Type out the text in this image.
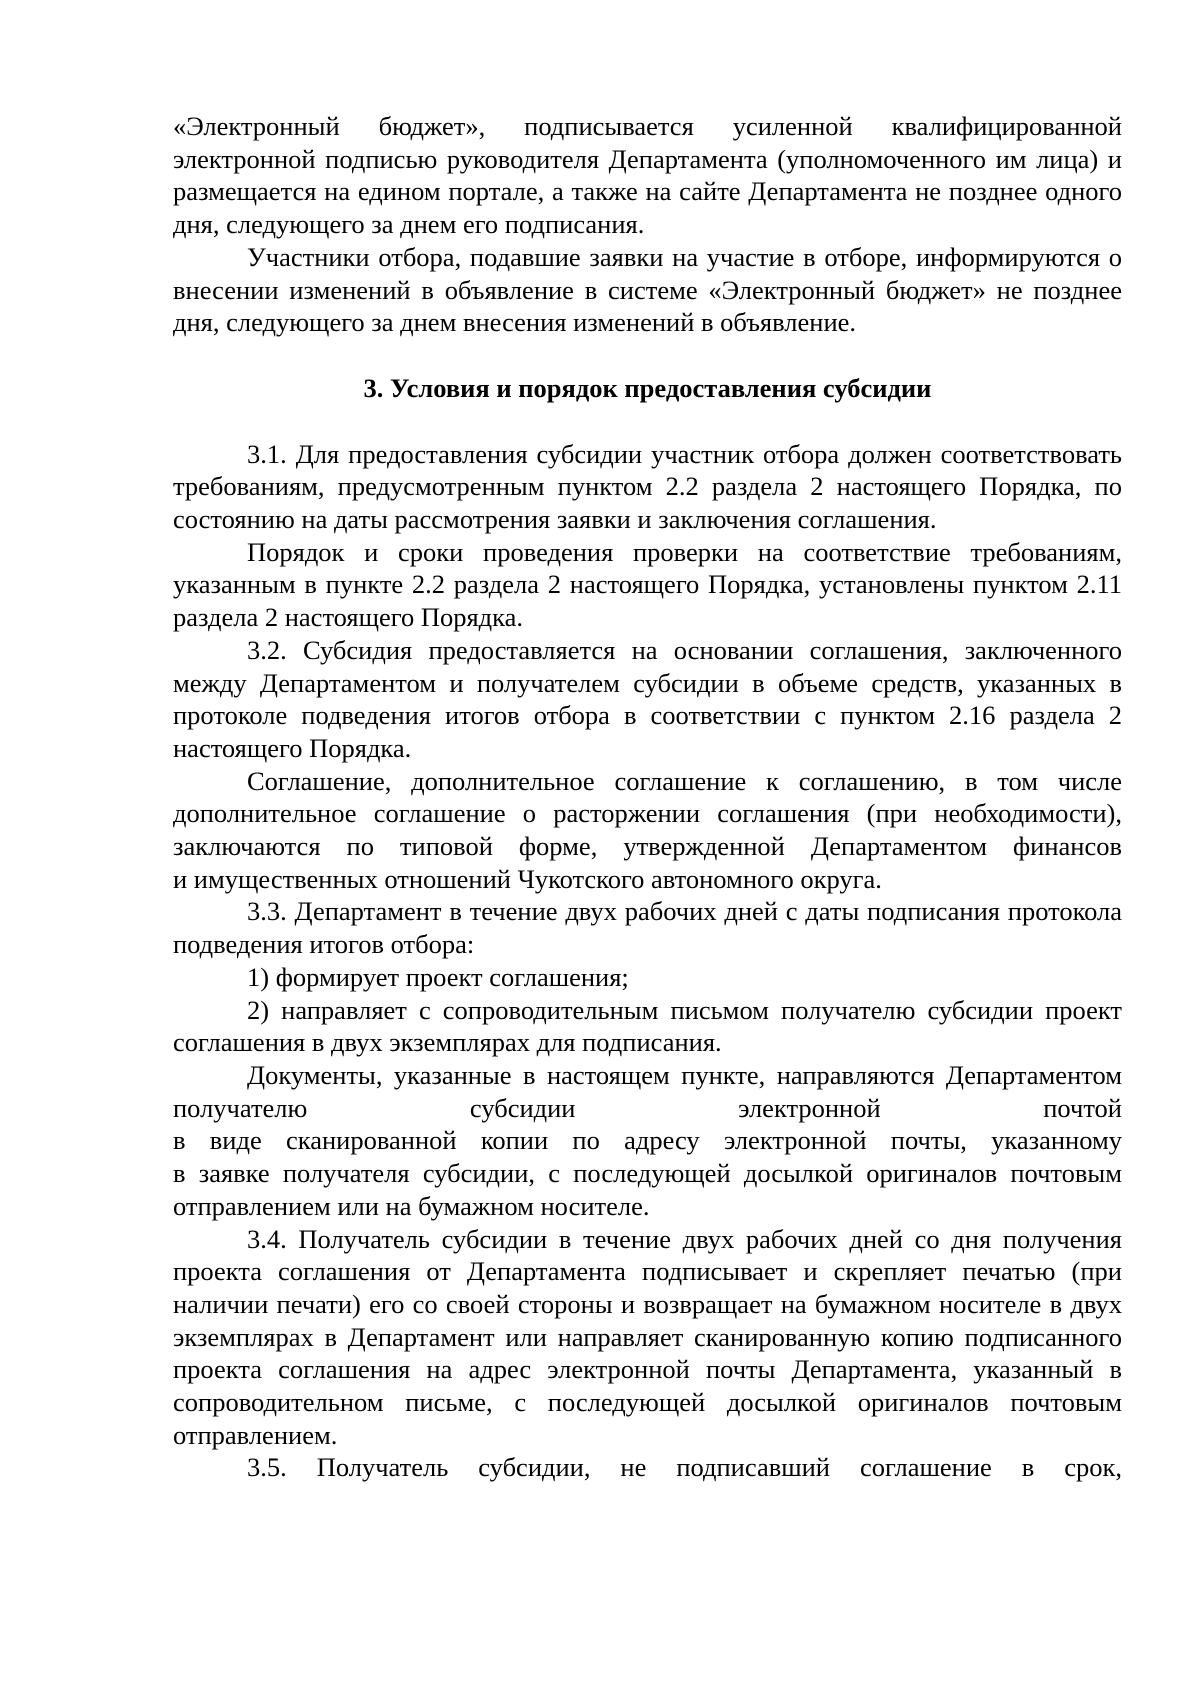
«Электронный бюджет», подписывается усиленной квалифицированной электронной подписью руководителя Департамента (уполномоченного им лица) и размещается на едином портале, а также на сайте Департамента не позднее одного дня, следующего за днем его подписания.

Участники отбора, подавшие заявки на участие в отборе, информируются о внесении изменений в объявление в системе «Электронный бюджет» не позднее дня, следующего за днем внесения изменений в объявление.

3. Условия и порядок предоставления субсидии

3.1. Для предоставления субсидии участник отбора должен соответствовать требованиям, предусмотренным пунктом 2.2 раздела 2 настоящего Порядка, по состоянию на даты рассмотрения заявки и заключения соглашения.

Порядок и сроки проведения проверки на соответствие требованиям, указанным в пункте 2.2 раздела 2 настоящего Порядка, установлены пунктом 2.11 раздела 2 настоящего Порядка.

3.2. Субсидия предоставляется на основании соглашения, заключенного между Департаментом и получателем субсидии в объеме средств, указанных в протоколе подведения итогов отбора в соответствии с пунктом 2.16 раздела 2 настоящего Порядка.

Соглашение, дополнительное соглашение к соглашению, в том числе дополнительное соглашение о расторжении соглашения (при необходимости), заключаются по типовой форме, утвержденной Департаментом финансов

и имущественных отношений Чукотского автономного округа.

3.3. Департамент в течение двух рабочих дней с даты подписания протокола подведения итогов отбора:

1) формирует проект соглашения;

2) направляет с сопроводительным письмом получателю субсидии проект соглашения в двух экземплярах для подписания.

Документы, указанные в настоящем пункте, направляются Департаментом получателю субсидии электронной почтой

в виде сканированной копии по адресу электронной почты, указанному

в заявке получателя субсидии, с последующей досылкой оригиналов почтовым отправлением или на бумажном носителе.

3.4. Получатель субсидии в течение двух рабочих дней со дня получения проекта соглашения от Департамента подписывает и скрепляет печатью (при наличии печати) его со своей стороны и возвращает на бумажном носителе в двух экземплярах в Департамент или направляет сканированную копию подписанного проекта соглашения на адрес электронной почты Департамента, указанный в сопроводительном письме, с последующей досылкой оригиналов почтовым отправлением.

3.5. Получатель субсидии, не подписавший соглашение в срок,
